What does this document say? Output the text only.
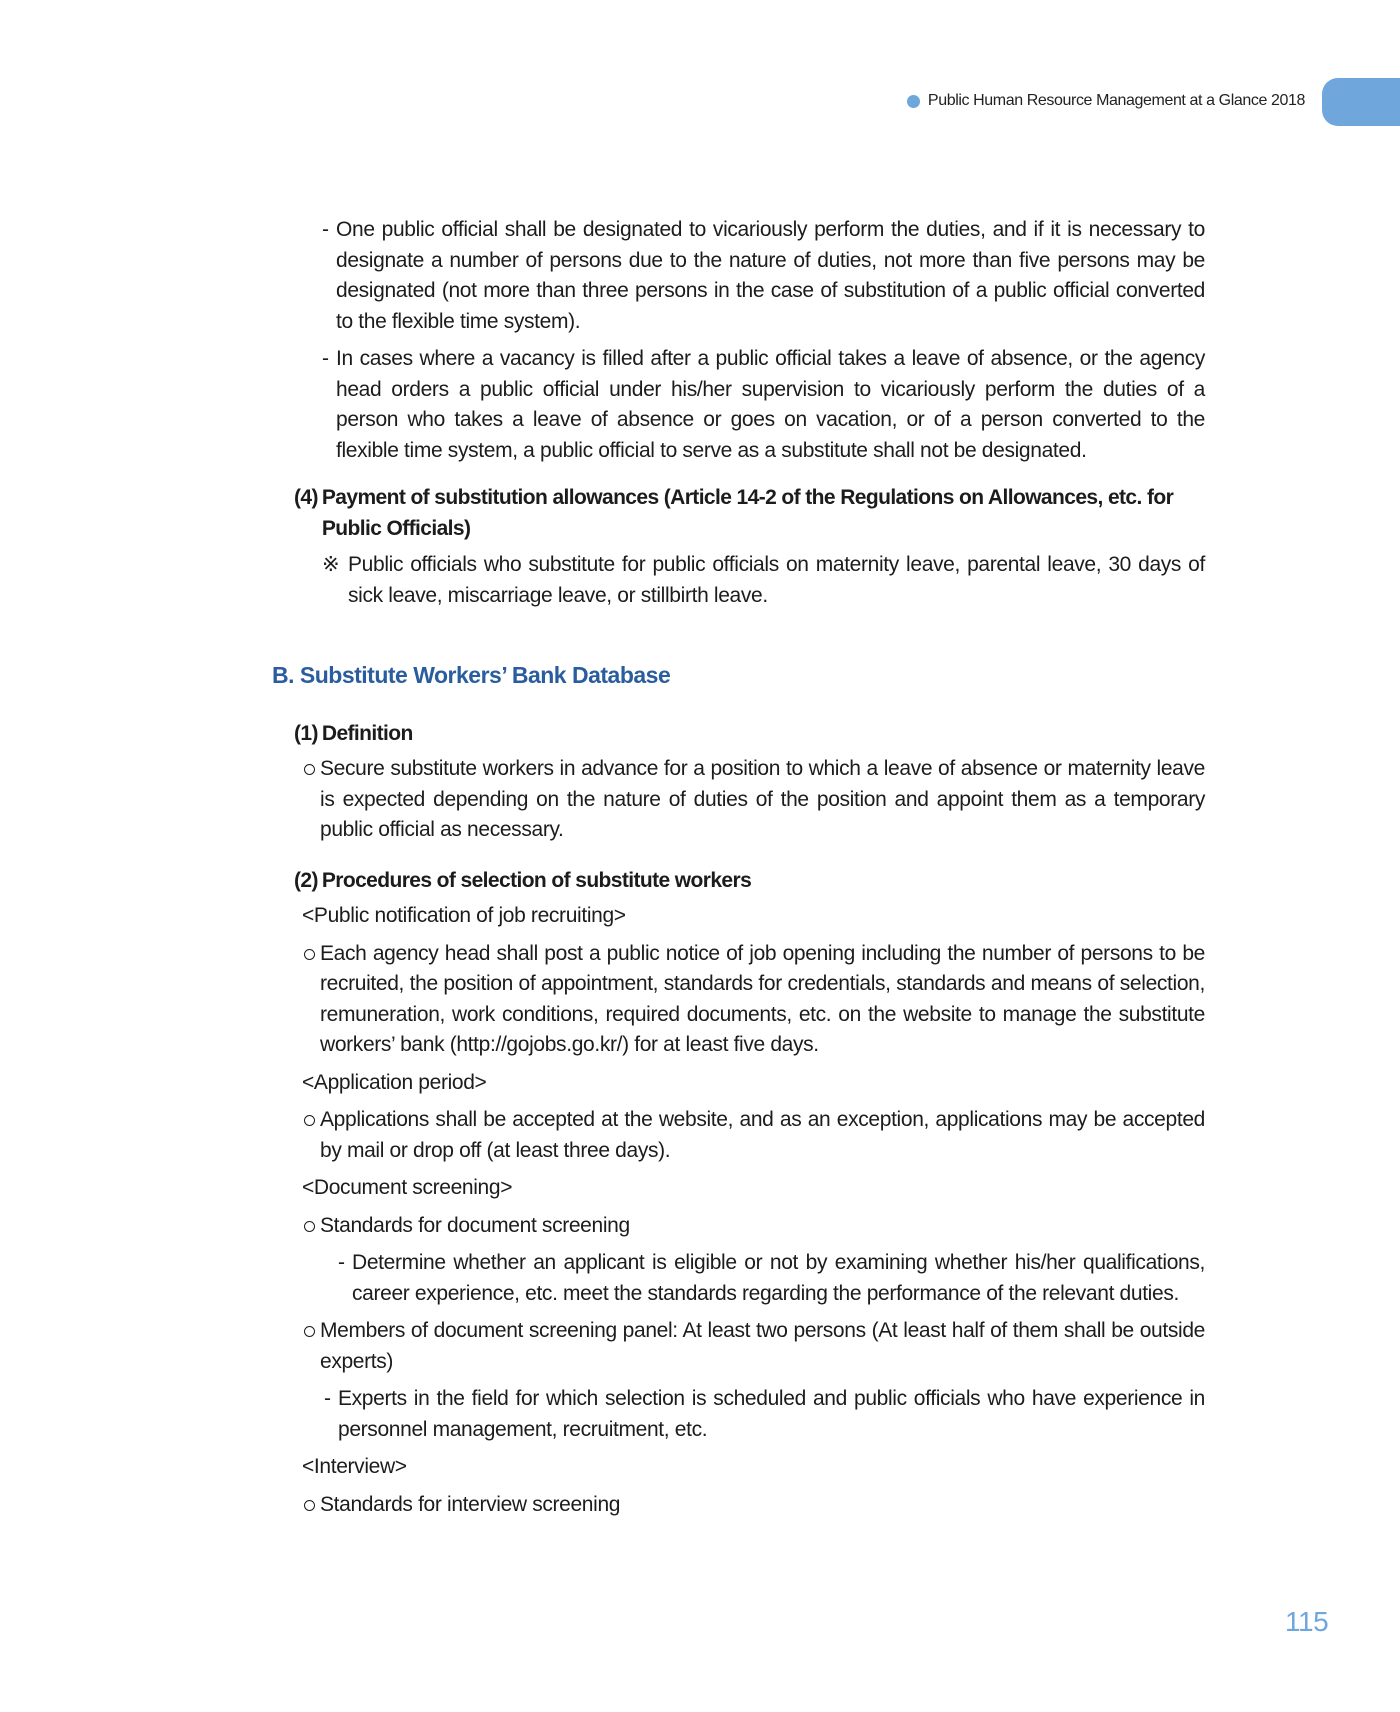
Public Human Resource Management at a Glance 2018
- One public official shall be designated to vicariously perform the duties, and if it is necessary to designate a number of persons due to the nature of duties, not more than five persons may be designated (not more than three persons in the case of substitution of a public official converted to the flexible time system).
- In cases where a vacancy is filled after a public official takes a leave of absence, or the agency head orders a public official under his/her supervision to vicariously perform the duties of a person who takes a leave of absence or goes on vacation, or of a person converted to the flexible time system, a public official to serve as a substitute shall not be designated.
(4) Payment of substitution allowances (Article 14-2 of the Regulations on Allowances, etc. for Public Officials)
※ Public officials who substitute for public officials on maternity leave, parental leave, 30 days of sick leave, miscarriage leave, or stillbirth leave.
B. Substitute Workers’ Bank Database
(1) Definition
Secure substitute workers in advance for a position to which a leave of absence or maternity leave is expected depending on the nature of duties of the position and appoint them as a temporary public official as necessary.
(2) Procedures of selection of substitute workers
<Public notification of job recruiting>
Each agency head shall post a public notice of job opening including the number of persons to be recruited, the position of appointment, standards for credentials, standards and means of selection, remuneration, work conditions, required documents, etc. on the website to manage the substitute workers’ bank (http://gojobs.go.kr/) for at least five days.
<Application period>
Applications shall be accepted at the website, and as an exception, applications may be accepted by mail or drop off (at least three days).
<Document screening>
Standards for document screening
- Determine whether an applicant is eligible or not by examining whether his/her qualifications, career experience, etc. meet the standards regarding the performance of the relevant duties.
Members of document screening panel: At least two persons (At least half of them shall be outside experts)
- Experts in the field for which selection is scheduled and public officials who have experience in personnel management, recruitment, etc.
<Interview>
Standards for interview screening
115
